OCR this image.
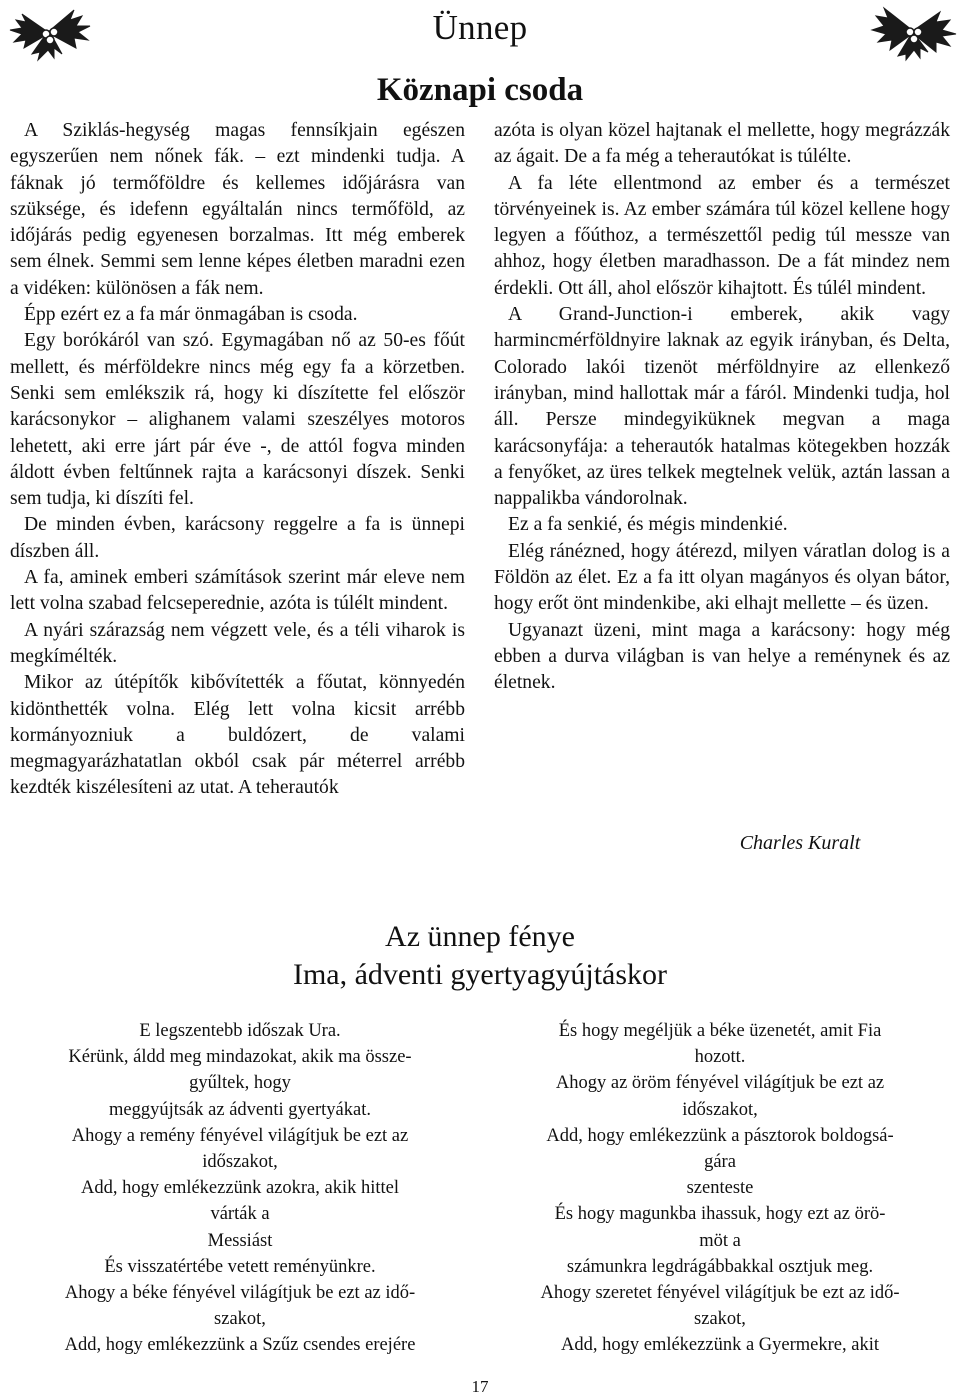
Ünnep
Köznapi csoda

A Sziklás-hegység magas fennsíkjain egészen egyszerűen nem nőnek fák. – ezt mindenki tudja. A fáknak jó termőföldre és kellemes időjárásra van szüksége, és idefenn egyáltalán nincs termőföld, az időjárás pedig egyenesen borzalmas. Itt még emberek sem élnek. Semmi sem lenne képes életben maradni ezen a vidéken: különösen a fák nem.

Épp ezért ez a fa már önmagában is csoda.

Egy borókáról van szó. Egymagában nő az 50-es főút mellett, és mérföldekre nincs még egy fa a körzetben. Senki sem emlékszik rá, hogy ki díszítette fel először karácsonykor – alighanem valami szeszélyes motoros lehetett, aki erre járt pár éve -, de attól fogva minden áldott évben feltűnnek rajta a karácsonyi díszek. Senki sem tudja, ki díszíti fel.

De minden évben, karácsony reggelre a fa is ünnepi díszben áll.

A fa, aminek emberi számítások szerint már eleve nem lett volna szabad felcseperednie, azóta is túlélt mindent.

A nyári szárazság nem végzett vele, és a téli viharok is megkímélték.

Mikor az útépítők kibővítették a főutat, könnyedén kidönthették volna. Elég lett volna kicsit arrébb kormányozniuk a buldózert, de valami megmagyarázhatatlan okból csak pár méterrel arrébb kezdték kiszélesíteni az utat. A teherautók

azóta is olyan közel hajtanak el mellette, hogy megrázzák az ágait. De a fa még a teherautókat is túlélte.

A fa léte ellentmond az ember és a természet törvényeinek is. Az ember számára túl közel kellene hogy legyen a főúthoz, a természettől pedig túl messze van ahhoz, hogy életben maradhasson. De a fát mindez nem érdekli. Ott áll, ahol először kihajtott. És túlél mindent.

A Grand-Junction-i emberek, akik vagy harmincmérföldnyire laknak az egyik irányban, és Delta, Colorado lakói tizenöt mérföldnyire az ellenkező irányban, mind hallottak már a fáról. Mindenki tudja, hol áll. Persze mindegyiküknek megvan a maga karácsonyfája: a teherautók hatalmas kötegekben hozzák a fenyőket, az üres telkek megtelnek velük, aztán lassan a nappalikba vándorolnak.

Ez a fa senkié, és mégis mindenkié.

Elég ránézned, hogy átérezd, milyen váratlan dolog is a Földön az élet. Ez a fa itt olyan magányos és olyan bátor, hogy erőt önt mindenkibe, aki elhajt mellette – és üzen.

Ugyanazt üzeni, mint maga a karácsony: hogy még ebben a durva világban is van helye a reménynek és az életnek.

Charles Kuralt
Az ünnep fénye
Ima, ádventi gyertyagyújtáskor
E legszentebb időszak Ura.
Kérünk, áldd meg mindazokat, akik ma össze-
gyűltek, hogy
meggyújtsák az ádventi gyertyákat.
Ahogy a remény fényével világítjuk be ezt az
időszakot,
Add, hogy emlékezzünk azokra, akik hittel
várták a
Messiást
És visszatértébe vetett reményünkre.
Ahogy a béke fényével világítjuk be ezt az idő-
szakot,
Add, hogy emlékezzünk a Szűz csendes erejére
És hogy megéljük a béke üzenetét, amit Fia
hozott.
Ahogy az öröm fényével világítjuk be ezt az
időszakot,
Add, hogy emlékezzünk a pásztorok boldogsá-
gára
szenteste
És hogy magunkba ihassuk, hogy ezt az örö-
möt a
számunkra legdrágábbakkal osztjuk meg.
Ahogy szeretet fényével világítjuk be ezt az idő-
szakot,
Add, hogy emlékezzünk a Gyermekre, akit
17
